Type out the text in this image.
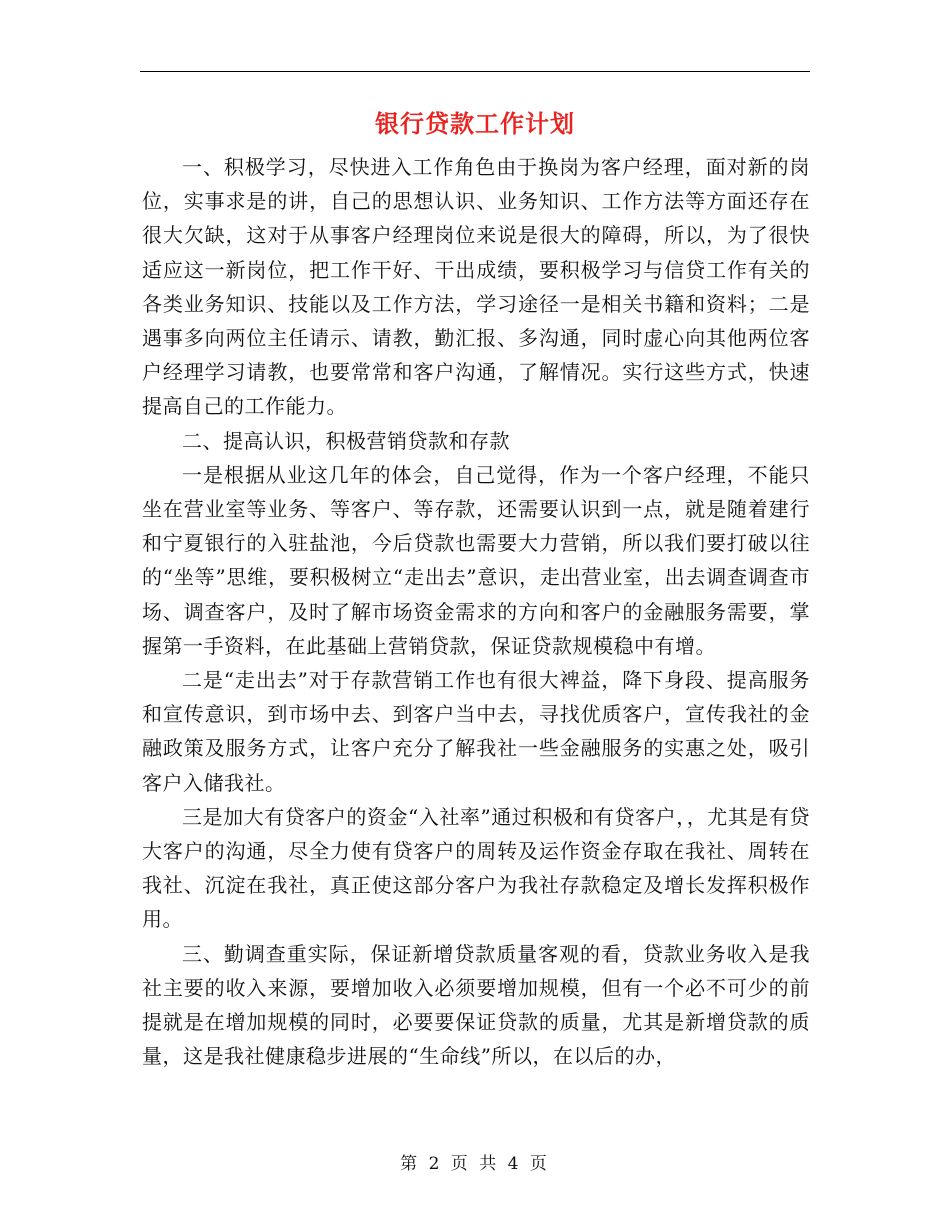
银行贷款工作计划

一、积极学习，尽快进入工作角色由于换岗为客户经理，面对新的岗位，实事求是的讲，自己的思想认识、业务知识、工作方法等方面还存在很大欠缺，这对于从事客户经理岗位来说是很大的障碍，所以，为了很快适应这一新岗位，把工作干好、干出成绩，要积极学习与信贷工作有关的各类业务知识、技能以及工作方法，学习途径一是相关书籍和资料；二是遇事多向两位主任请示、请教，勤汇报、多沟通，同时虚心向其他两位客户经理学习请教，也要常常和客户沟通，了解情况。实行这些方式，快速提高自己的工作能力。

二、提高认识，积极营销贷款和存款

一是根据从业这几年的体会，自己觉得，作为一个客户经理，不能只坐在营业室等业务、等客户、等存款，还需要认识到一点，就是随着建行和宁夏银行的入驻盐池，今后贷款也需要大力营销，所以我们要打破以往的“坐等”思维，要积极树立“走出去”意识，走出营业室，出去调查调查市场、调查客户，及时了解市场资金需求的方向和客户的金融服务需要，掌握第一手资料，在此基础上营销贷款，保证贷款规模稳中有增。

二是“走出去”对于存款营销工作也有很大裨益，降下身段、提高服务和宣传意识，到市场中去、到客户当中去，寻找优质客户，宣传我社的金融政策及服务方式，让客户充分了解我社一些金融服务的实惠之处，吸引客户入储我社。

三是加大有贷客户的资金“入社率”通过积极和有贷客户，，尤其是有贷大客户的沟通，尽全力使有贷客户的周转及运作资金存取在我社、周转在我社、沉淀在我社，真正使这部分客户为我社存款稳定及增长发挥积极作用。

三、勤调查重实际，保证新增贷款质量客观的看，贷款业务收入是我社主要的收入来源，要增加收入必须要增加规模，但有一个必不可少的前提就是在增加规模的同时，必要要保证贷款的质量，尤其是新增贷款的质量，这是我社健康稳步进展的“生命线”所以，在以后的办，

第 2 页 共 4 页
